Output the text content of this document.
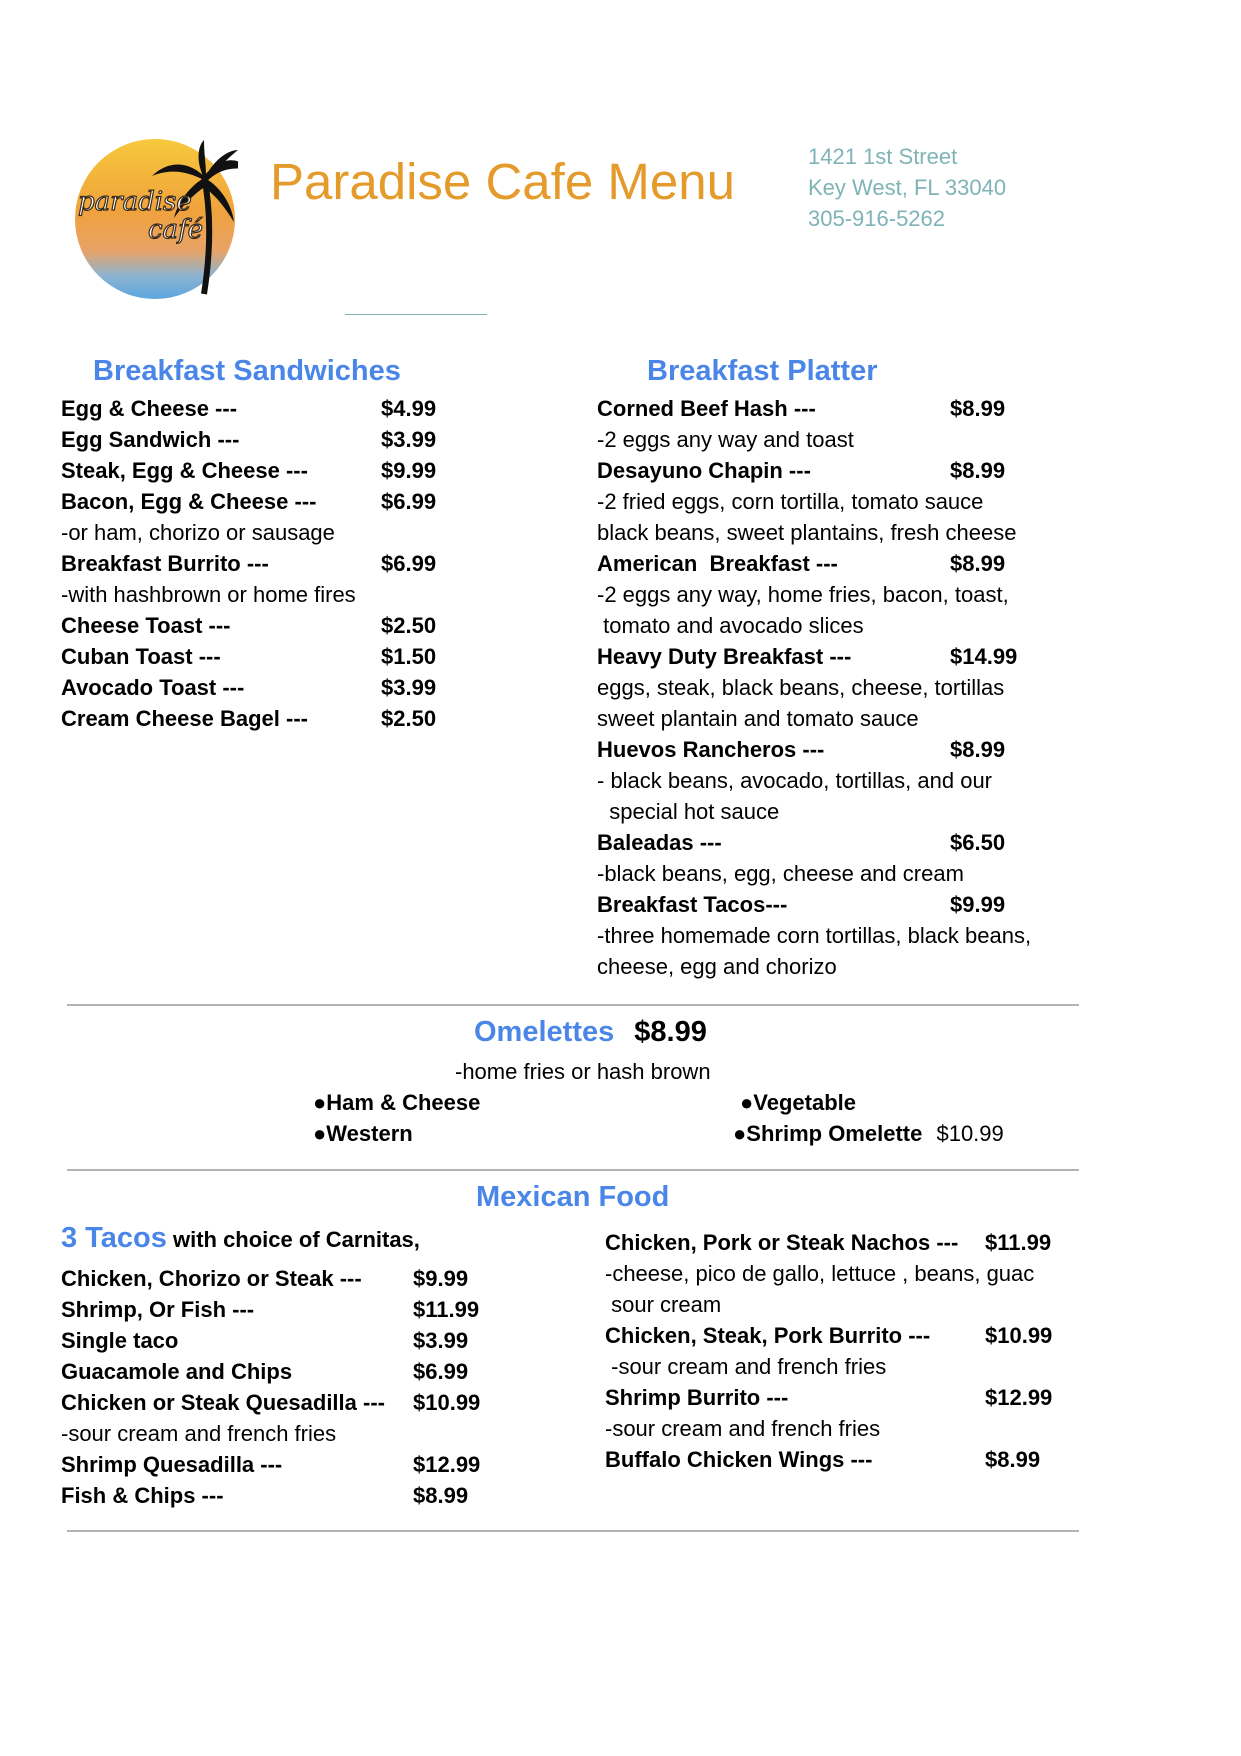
paradise
café
Paradise Cafe Menu	1421 1st Street
Key West, FL 33040
305-916-5262
Breakfast Sandwiches
Egg & Cheese ---	$4.99
Egg Sandwich ---	$3.99
Steak, Egg & Cheese ---	$9.99
Bacon, Egg & Cheese ---	$6.99
-or ham, chorizo or sausage
Breakfast Burrito ---	$6.99
-with hashbrown or home fires
Cheese Toast ---	$2.50
Cuban Toast ---	$1.50
Avocado Toast ---	$3.99
Cream Cheese Bagel ---	$2.50
Breakfast Platter
Corned Beef Hash ---	$8.99
-2 eggs any way and toast
Desayuno Chapin ---	$8.99
-2 fried eggs, corn tortilla, tomato sauce
black beans, sweet plantains, fresh cheese
American  Breakfast ---	$8.99
-2 eggs any way, home fries, bacon, toast,
tomato and avocado slices
Heavy Duty Breakfast ---	$14.99
eggs, steak, black beans, cheese, tortillas
sweet plantain and tomato sauce
Huevos Rancheros ---	$8.99
- black beans, avocado, tortillas, and our
special hot sauce
Baleadas ---	$6.50
-black beans, egg, cheese and cream
Breakfast Tacos---	$9.99
-three homemade corn tortillas, black beans,
cheese, egg and chorizo
Omelettes $8.99
-home fries or hash brown
●Ham & Cheese	●Vegetable
●Western	●Shrimp Omelette $10.99
Mexican Food
3 Tacos with choice of Carnitas,
Chicken, Chorizo or Steak --- $9.99
Shrimp, Or Fish ---	$11.99
Single taco	$3.99
Guacamole and Chips	$6.99
Chicken or Steak Quesadilla --- $10.99
-sour cream and french fries
Shrimp Quesadilla ---	$12.99
Fish & Chips ---	$8.99
Chicken, Pork or Steak Nachos --- $11.99
-cheese, pico de gallo, lettuce , beans, guac
sour cream
Chicken, Steak, Pork Burrito --- $10.99
-sour cream and french fries
Shrimp Burrito ---	$12.99
-sour cream and french fries
Buffalo Chicken Wings ---	$8.99
